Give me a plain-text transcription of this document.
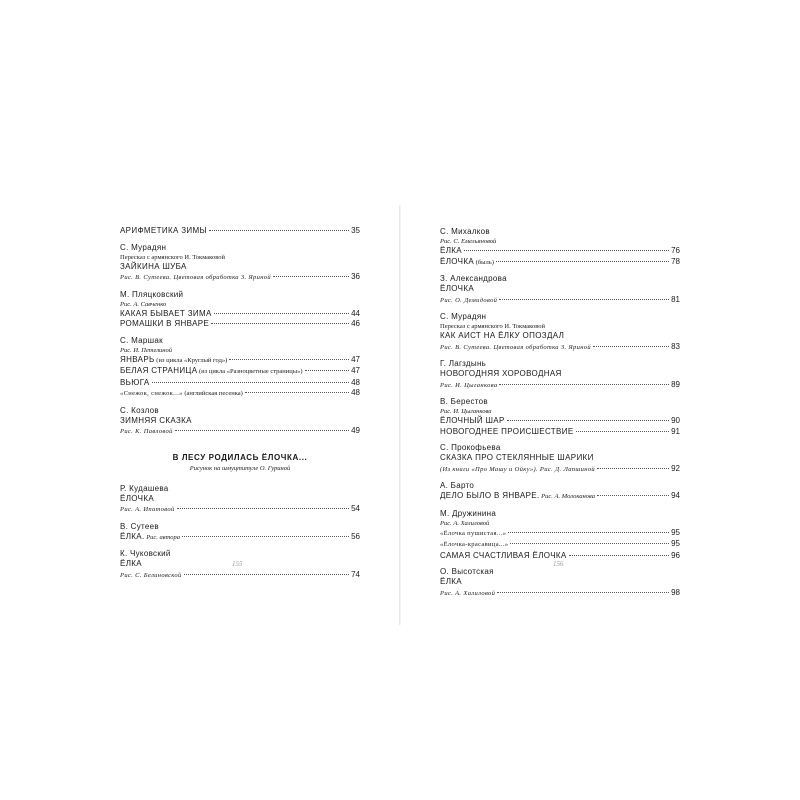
АРИФМЕТИКА ЗИМЫ	35
С. Мурадян
Пересказ с армянского И. Токмаковой
ЗАЙКИНА ШУБА
Рис. В. Сутеева. Цветовая обработка З. Яриной	36
М. Пляцковский
Рис. А. Савченко
КАКАЯ БЫВАЕТ ЗИМА	44
РОМАШКИ В ЯНВАРЕ	46
С. Маршак
Рис. И. Петелиной
ЯНВАРЬ (из цикла «Круглый год»)	47
БЕЛАЯ СТРАНИЦА (из цикла «Разноцветные страницы»)	47
ВЬЮГА	48
«Снежок, снежок...» (английская песенка)	48
С. Козлов
ЗИМНЯЯ СКАЗКА
Рис. К. Павловой	49
В ЛЕСУ РОДИЛАСЬ ЁЛОЧКА...
Рисунок на шмуцтитуле О. Гуриной
Р. Кудашева
ЁЛОЧКА
Рис. А. Ипатовой	54
В. Сутеев
ЁЛКА. Рис. автора	56
К. Чуковский
ЁЛКА
Рис. С. Белиновской	74
С. Михалков
Рис. С. Емельяновой
ЁЛКА	76
ЁЛОЧКА (быль)	78
З. Александрова
ЁЛОЧКА
Рис. О. Демидовой	81
С. Мурадян
Пересказ с армянского И. Токмаковой
КАК АИСТ НА ЁЛКУ ОПОЗДАЛ
Рис. В. Сутеева. Цветовая обработка З. Яриной	83
Г. Лагздынь
НОВОГОДНЯЯ ХОРОВОДНАЯ
Рис. И. Цыганкова	89
В. Берестов
Рис. И. Цыганкова
ЁЛОЧНЫЙ ШАР	90
НОВОГОДНЕЕ ПРОИСШЕСТВИЕ	91
С. Прокофьева
СКАЗКА ПРО СТЕКЛЯННЫЕ ШАРИКИ
(Из книги «Про Машу и Ойку»). Рис. Д. Лапшиной	92
А. Барто
ДЕЛО БЫЛО В ЯНВАРЕ. Рис. А. Молоканова	94
М. Дружинина
Рис. А. Халиловой
«Ёлочка пушистая...»	95
«Ёлочка-красавица...»	95
САМАЯ СЧАСТЛИВАЯ ЁЛОЧКА	96
О. Высотская
ЁЛКА
Рис. А. Халиловой	98
155	156
